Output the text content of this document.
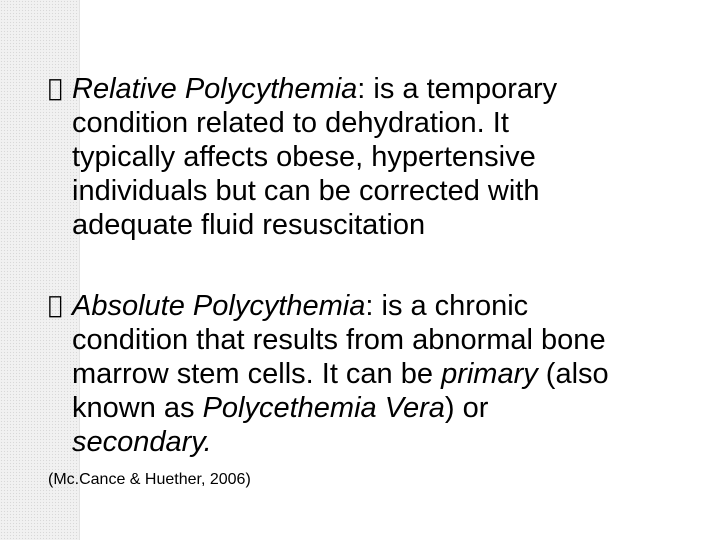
Relative Polycythemia: is a temporary
condition related to dehydration. It
typically affects obese, hypertensive
individuals but can be corrected with
adequate fluid resuscitation
Absolute Polycythemia: is a chronic
condition that results from abnormal bone
marrow stem cells. It can be primary (also
known as Polycethemia Vera) or
secondary.
(Mc.Cance & Huether, 2006)
